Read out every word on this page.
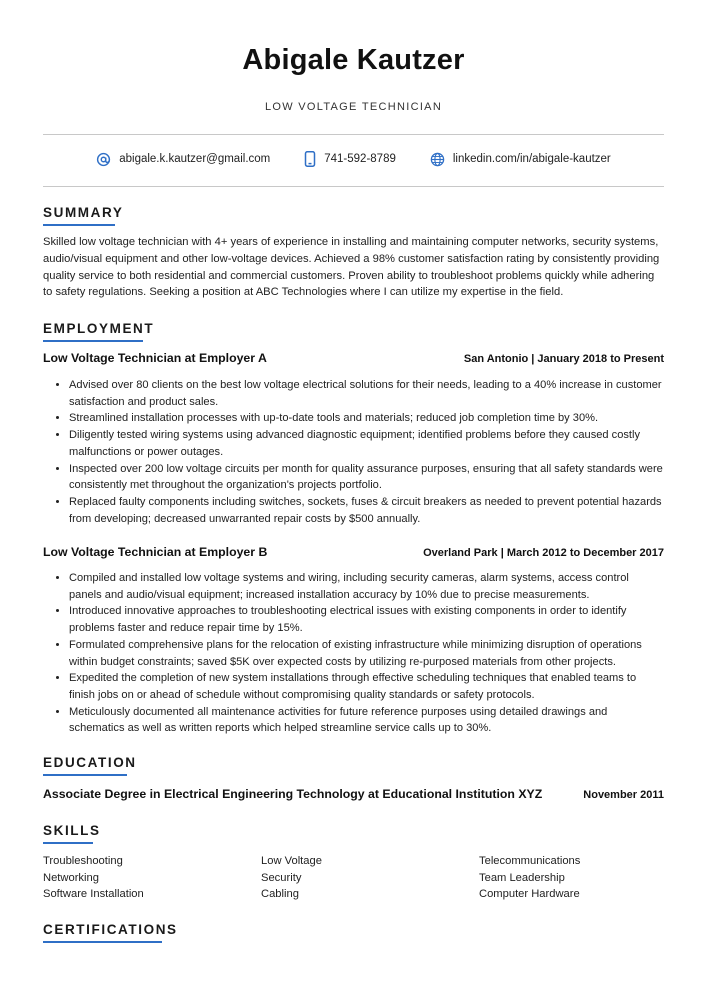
Abigale Kautzer
LOW VOLTAGE TECHNICIAN
abigale.k.kautzer@gmail.com	741-592-8789	linkedin.com/in/abigale-kautzer
SUMMARY
Skilled low voltage technician with 4+ years of experience in installing and maintaining computer networks, security systems, audio/visual equipment and other low-voltage devices. Achieved a 98% customer satisfaction rating by consistently providing quality service to both residential and commercial customers. Proven ability to troubleshoot problems quickly while adhering to safety regulations. Seeking a position at ABC Technologies where I can utilize my expertise in the field.
EMPLOYMENT
Low Voltage Technician at Employer A	San Antonio | January 2018 to Present
• Advised over 80 clients on the best low voltage electrical solutions for their needs, leading to a 40% increase in customer satisfaction and product sales.
• Streamlined installation processes with up-to-date tools and materials; reduced job completion time by 30%.
• Diligently tested wiring systems using advanced diagnostic equipment; identified problems before they caused costly malfunctions or power outages.
• Inspected over 200 low voltage circuits per month for quality assurance purposes, ensuring that all safety standards were consistently met throughout the organization's projects portfolio.
• Replaced faulty components including switches, sockets, fuses & circuit breakers as needed to prevent potential hazards from developing; decreased unwarranted repair costs by $500 annually.
Low Voltage Technician at Employer B	Overland Park | March 2012 to December 2017
• Compiled and installed low voltage systems and wiring, including security cameras, alarm systems, access control panels and audio/visual equipment; increased installation accuracy by 10% due to precise measurements.
• Introduced innovative approaches to troubleshooting electrical issues with existing components in order to identify problems faster and reduce repair time by 15%.
• Formulated comprehensive plans for the relocation of existing infrastructure while minimizing disruption of operations within budget constraints; saved $5K over expected costs by utilizing re-purposed materials from other projects.
• Expedited the completion of new system installations through effective scheduling techniques that enabled teams to finish jobs on or ahead of schedule without compromising quality standards or safety protocols.
• Meticulously documented all maintenance activities for future reference purposes using detailed drawings and schematics as well as written reports which helped streamline service calls up to 30%.
EDUCATION
Associate Degree in Electrical Engineering Technology at Educational Institution XYZ	November 2011
SKILLS
Troubleshooting	Low Voltage	Telecommunications
Networking	Security	Team Leadership
Software Installation	Cabling	Computer Hardware
CERTIFICATIONS
